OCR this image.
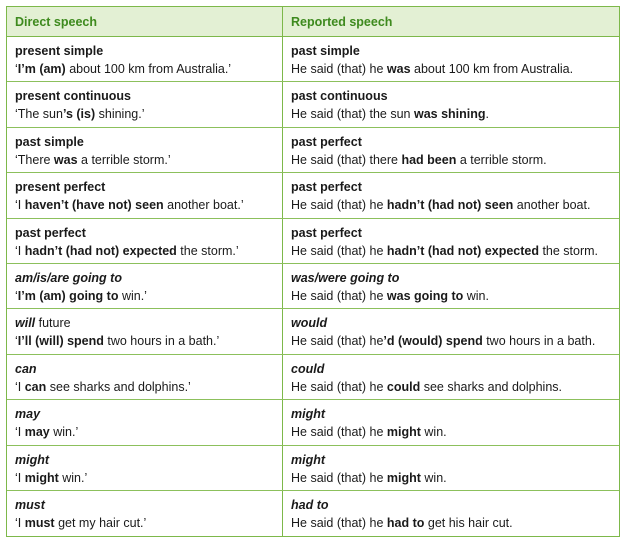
Direct speech	Reported speech
present simple
‘I’m (am) about 100 km from Australia.’
past simple
He said (that) he was about 100 km from Australia.
present continuous
‘The sun’s (is) shining.’
past continuous
He said (that) the sun was shining.
past simple
‘There was a terrible storm.’
past perfect
He said (that) there had been a terrible storm.
present perfect
‘I haven’t (have not) seen another boat.’
past perfect
He said (that) he hadn’t (had not) seen another boat.
past perfect
‘I hadn’t (had not) expected the storm.’
past perfect
He said (that) he hadn’t (had not) expected the storm.
am/is/are going to
‘I’m (am) going to win.’
was/were going to
He said (that) he was going to win.
will future
‘I’ll (will) spend two hours in a bath.’
would
He said (that) he’d (would) spend two hours in a bath.
can
‘I can see sharks and dolphins.’
could
He said (that) he could see sharks and dolphins.
may
‘I may win.’
might
He said (that) he might win.
might
‘I might win.’
might
He said (that) he might win.
must
‘I must get my hair cut.’
had to
He said (that) he had to get his hair cut.
